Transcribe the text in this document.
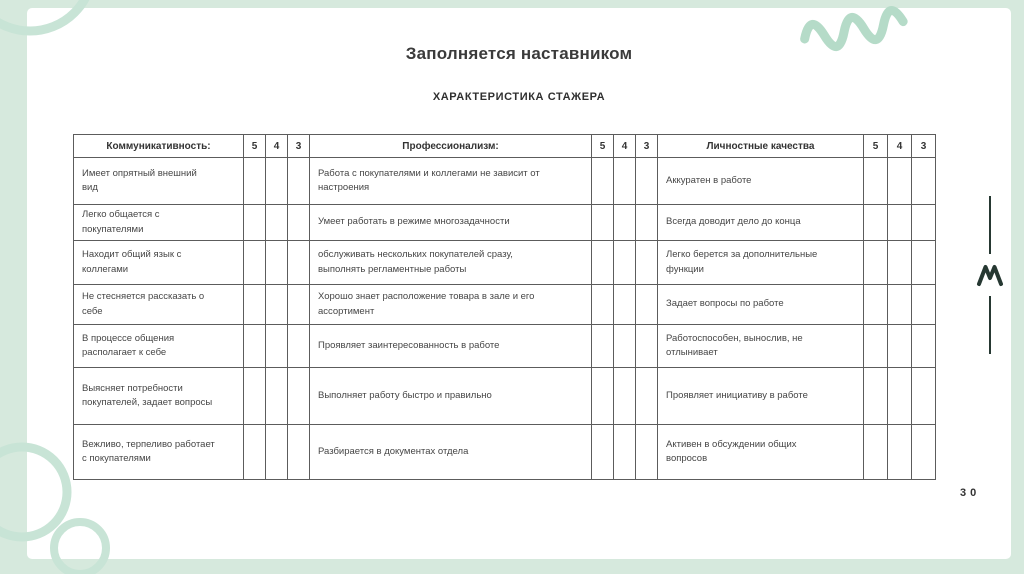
Заполняется наставником
ХАРАКТЕРИСТИКА СТАЖЕРА
Коммуникативность:	5	4	3	Профессионализм:	5	4	3	Личностные качества	5	4	3
Имеет опрятный внешний вид				Работа с покупателями и коллегами не зависит от настроения				Аккуратен в работе			
Легко общается с покупателями				Умеет работать в режиме многозадачности				Всегда доводит дело до конца			
Находит общий язык с коллегами				обслуживать нескольких покупателей сразу, выполнять регламентные работы				Легко берется за дополнительные функции			
Не стесняется рассказать о себе				Хорошо знает расположение товара в зале и его ассортимент				Задает вопросы по работе			
В процессе общения располагает к себе				Проявляет заинтересованность в работе				Работоспособен, вынослив, не отлынивает			
Выясняет потребности покупателей, задает вопросы				Выполняет работу быстро и правильно				Проявляет инициативу в работе			
Вежливо, терпеливо работает с покупателями				Разбирается в документах отдела				Активен в обсуждении общих вопросов			
30
